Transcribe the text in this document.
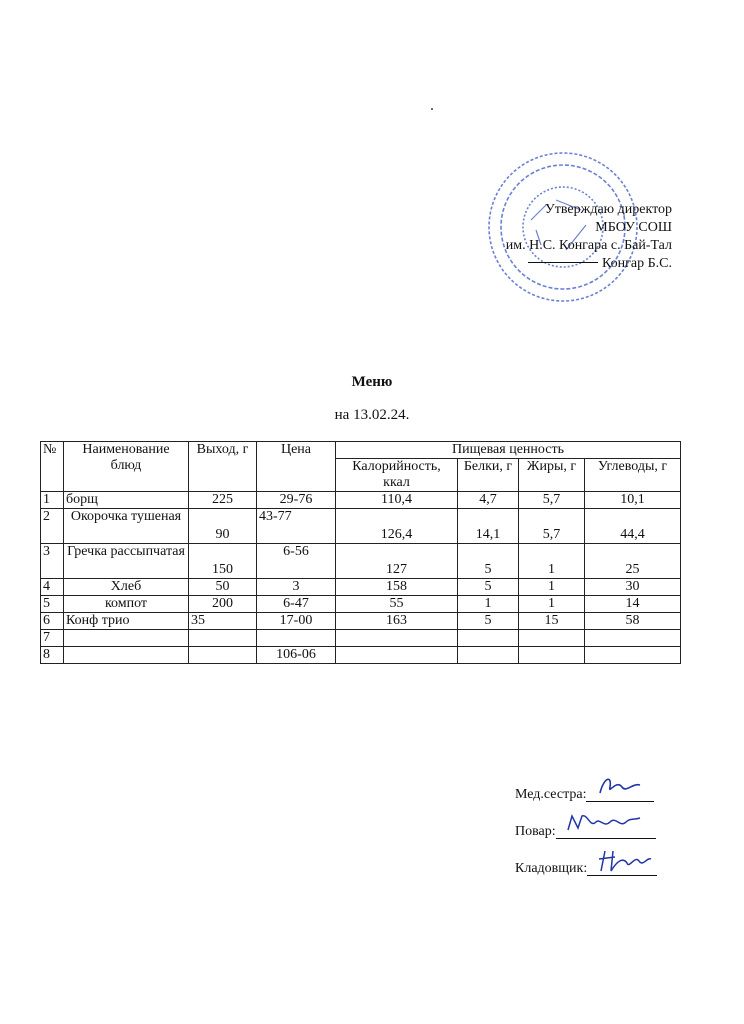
Утверждаю директор
МБОУ СОШ
им. Н.С. Конгара с. Бай-Тал
Конгар Б.С.
Меню
на 13.02.24.
№	Наименование блюд	Выход, г	Цена	Пищевая ценность			
				Калорийность, ккал	Белки, г	Жиры, г	Углеводы, г
1	борщ	225	29-76	110,4	4,7	5,7	10,1
2	Окорочка тушеная	90	43-77	126,4	14,1	5,7	44,4
3	Гречка рассыпчатая	150	6-56	127	5	1	25
4	Хлеб	50	3	158	5	1	30
5	компот	200	6-47	55	1	1	14
6	Конф трио	35	17-00	163	5	15	58
7							
8			106-06				
Мед.сестра:
Повар:
Кладовщик:
